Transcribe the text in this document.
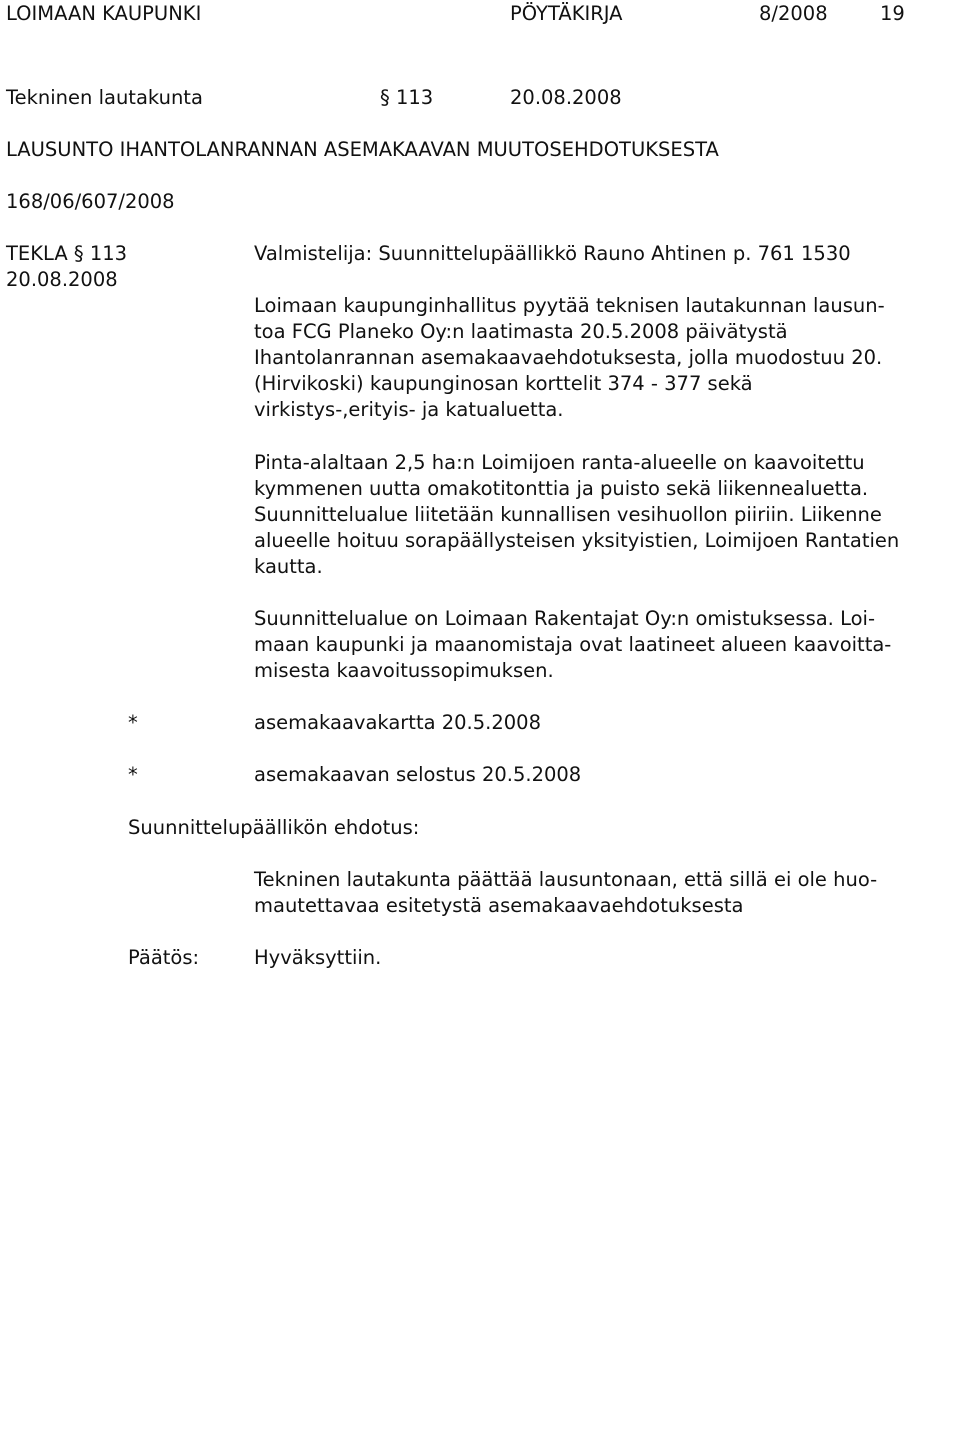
LOIMAAN KAUPUNKI	PÖYTÄKIRJA	8/2008	19
Tekninen lautakunta	§ 113	20.08.2008
LAUSUNTO IHANTOLANRANNAN ASEMAKAAVAN MUUTOSEHDOTUKSESTA
168/06/607/2008
TEKLA § 113
20.08.2008
Valmistelija: Suunnittelupäällikkö Rauno Ahtinen p. 761 1530
Loimaan kaupunginhallitus pyytää teknisen lautakunnan lausun-
toa FCG Planeko Oy:n laatimasta 20.5.2008 päivätystä
Ihantolanrannan asemakaavaehdotuksesta, jolla muodostuu 20.
(Hirvikoski) kaupunginosan korttelit 374 - 377 sekä
virkistys-,erityis- ja katualuetta.
Pinta-alaltaan 2,5 ha:n Loimijoen ranta-alueelle on kaavoitettu
kymmenen uutta omakotitonttia ja puisto sekä liikennealuetta.
Suunnittelualue liitetään kunnallisen vesihuollon piiriin. Liikenne
alueelle hoituu sorapäällysteisen yksityistien, Loimijoen Rantatien
kautta.
Suunnittelualue on Loimaan Rakentajat Oy:n omistuksessa. Loi-
maan kaupunki ja maanomistaja ovat laatineet alueen kaavoitta-
misesta kaavoitussopimuksen.
*	asemakaavakartta 20.5.2008
*	asemakaavan selostus 20.5.2008
Suunnittelupäällikön ehdotus:
Tekninen lautakunta päättää lausuntonaan, että sillä ei ole huo-
mautettavaa esitetystä asemakaavaehdotuksesta
Päätös:	Hyväksyttiin.
